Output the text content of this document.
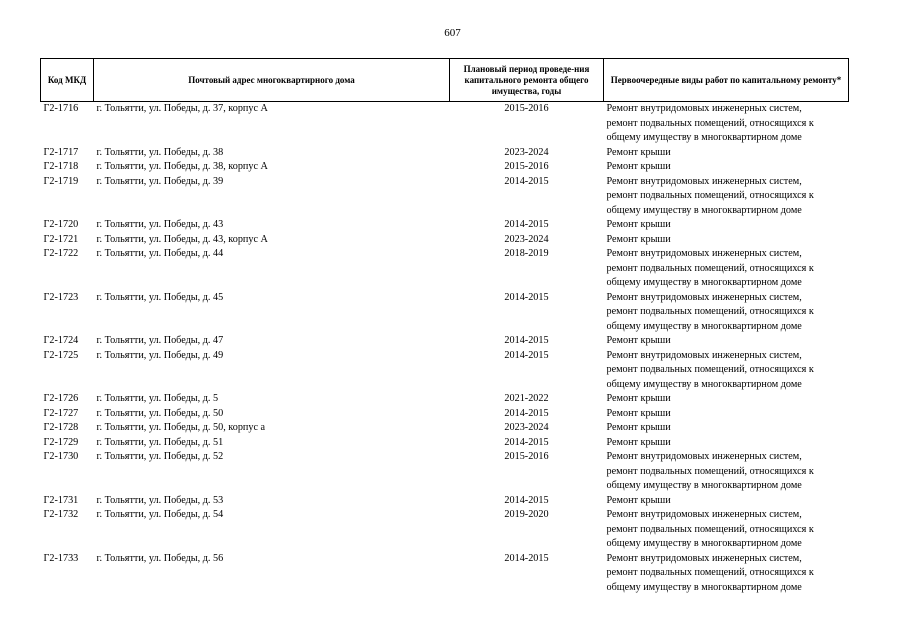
607
Код МКД	Почтовый адрес многоквартирного дома	Плановый период проведе-ния капитального ремонта общего имущества, годы	Первоочередные виды работ по капитальному ремонту*
Г2-1716	г. Тольятти, ул. Победы, д. 37, корпус А	2015-2016	Ремонт внутридомовых инженерных систем,
ремонт подвальных помещений, относящихся к
общему имуществу в многоквартирном доме

Г2-1717	г. Тольятти, ул. Победы, д. 38	2023-2024	Ремонт крыши

Г2-1718	г. Тольятти, ул. Победы, д. 38, корпус А	2015-2016	Ремонт крыши

Г2-1719	г. Тольятти, ул. Победы, д. 39	2014-2015	Ремонт внутридомовых инженерных систем,
ремонт подвальных помещений, относящихся к
общему имуществу в многоквартирном доме

Г2-1720	г. Тольятти, ул. Победы, д. 43	2014-2015	Ремонт крыши

Г2-1721	г. Тольятти, ул. Победы, д. 43, корпус А	2023-2024	Ремонт крыши

Г2-1722	г. Тольятти, ул. Победы, д. 44	2018-2019	Ремонт внутридомовых инженерных систем,
ремонт подвальных помещений, относящихся к
общему имуществу в многоквартирном доме

Г2-1723	г. Тольятти, ул. Победы, д. 45	2014-2015	Ремонт внутридомовых инженерных систем,
ремонт подвальных помещений, относящихся к
общему имуществу в многоквартирном доме

Г2-1724	г. Тольятти, ул. Победы, д. 47	2014-2015	Ремонт крыши

Г2-1725	г. Тольятти, ул. Победы, д. 49	2014-2015	Ремонт внутридомовых инженерных систем,
ремонт подвальных помещений, относящихся к
общему имуществу в многоквартирном доме

Г2-1726	г. Тольятти, ул. Победы, д. 5	2021-2022	Ремонт крыши

Г2-1727	г. Тольятти, ул. Победы, д. 50	2014-2015	Ремонт крыши

Г2-1728	г. Тольятти, ул. Победы, д. 50, корпус а	2023-2024	Ремонт крыши

Г2-1729	г. Тольятти, ул. Победы, д. 51	2014-2015	Ремонт крыши

Г2-1730	г. Тольятти, ул. Победы, д. 52	2015-2016	Ремонт внутридомовых инженерных систем,
ремонт подвальных помещений, относящихся к
общему имуществу в многоквартирном доме

Г2-1731	г. Тольятти, ул. Победы, д. 53	2014-2015	Ремонт крыши

Г2-1732	г. Тольятти, ул. Победы, д. 54	2019-2020	Ремонт внутридомовых инженерных систем,
ремонт подвальных помещений, относящихся к
общему имуществу в многоквартирном доме

Г2-1733	г. Тольятти, ул. Победы, д. 56	2014-2015	Ремонт внутридомовых инженерных систем,
ремонт подвальных помещений, относящихся к
общему имуществу в многоквартирном доме
